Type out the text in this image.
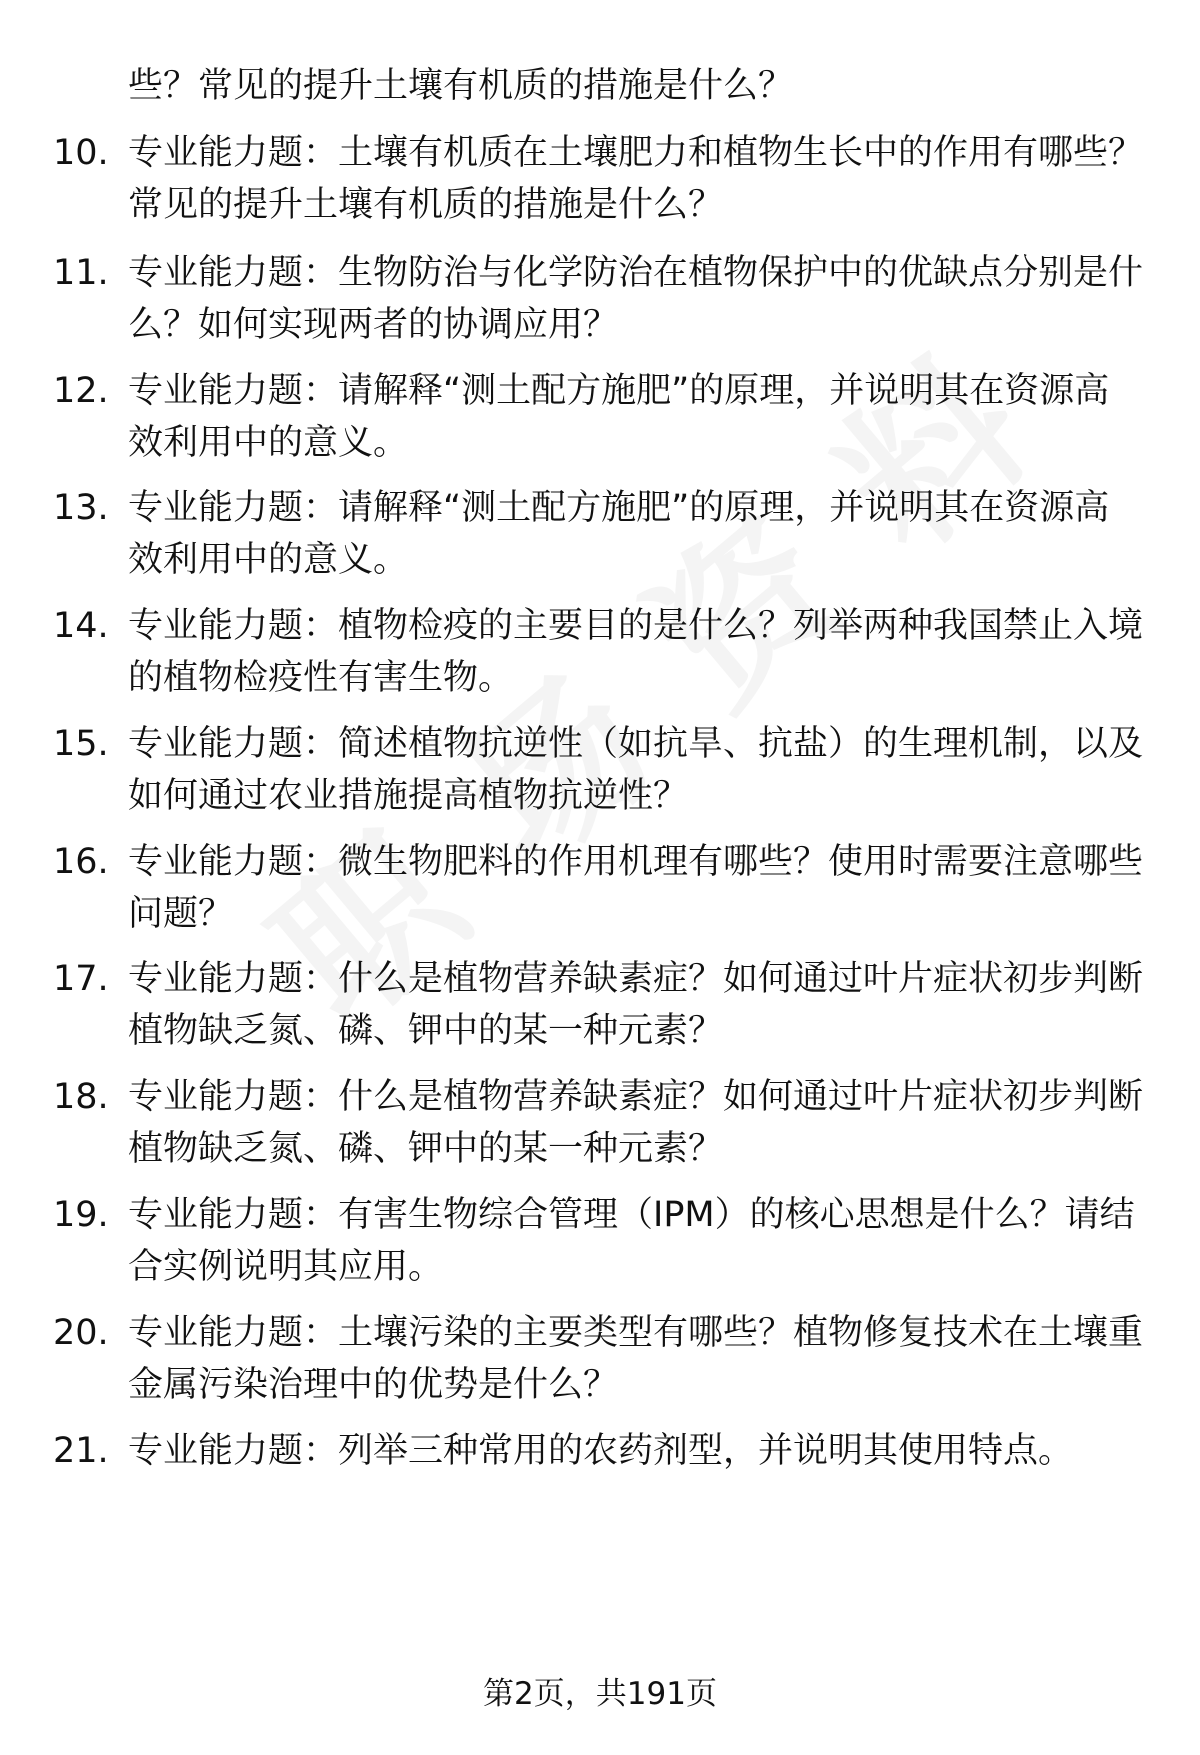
些？常见的提升土壤有机质的措施是什么？
10. 专业能力题：土壤有机质在土壤肥力和植物生长中的作用有哪些？常见的提升土壤有机质的措施是什么？
11. 专业能力题：生物防治与化学防治在植物保护中的优缺点分别是什么？如何实现两者的协调应用？
12. 专业能力题：请解释“测土配方施肥”的原理，并说明其在资源高效利用中的意义。
13. 专业能力题：请解释“测土配方施肥”的原理，并说明其在资源高效利用中的意义。
14. 专业能力题：植物检疫的主要目的是什么？列举两种我国禁止入境的植物检疫性有害生物。
15. 专业能力题：简述植物抗逆性（如抗旱、抗盐）的生理机制，以及如何通过农业措施提高植物抗逆性？
16. 专业能力题：微生物肥料的作用机理有哪些？使用时需要注意哪些问题？
17. 专业能力题：什么是植物营养缺素症？如何通过叶片症状初步判断植物缺乏氮、磷、钾中的某一种元素？
18. 专业能力题：什么是植物营养缺素症？如何通过叶片症状初步判断植物缺乏氮、磷、钾中的某一种元素？
19. 专业能力题：有害生物综合管理（IPM）的核心思想是什么？请结合实例说明其应用。
20. 专业能力题：土壤污染的主要类型有哪些？植物修复技术在土壤重金属污染治理中的优势是什么？
21. 专业能力题：列举三种常用的农药剂型，并说明其使用特点。
第2页，共191页
